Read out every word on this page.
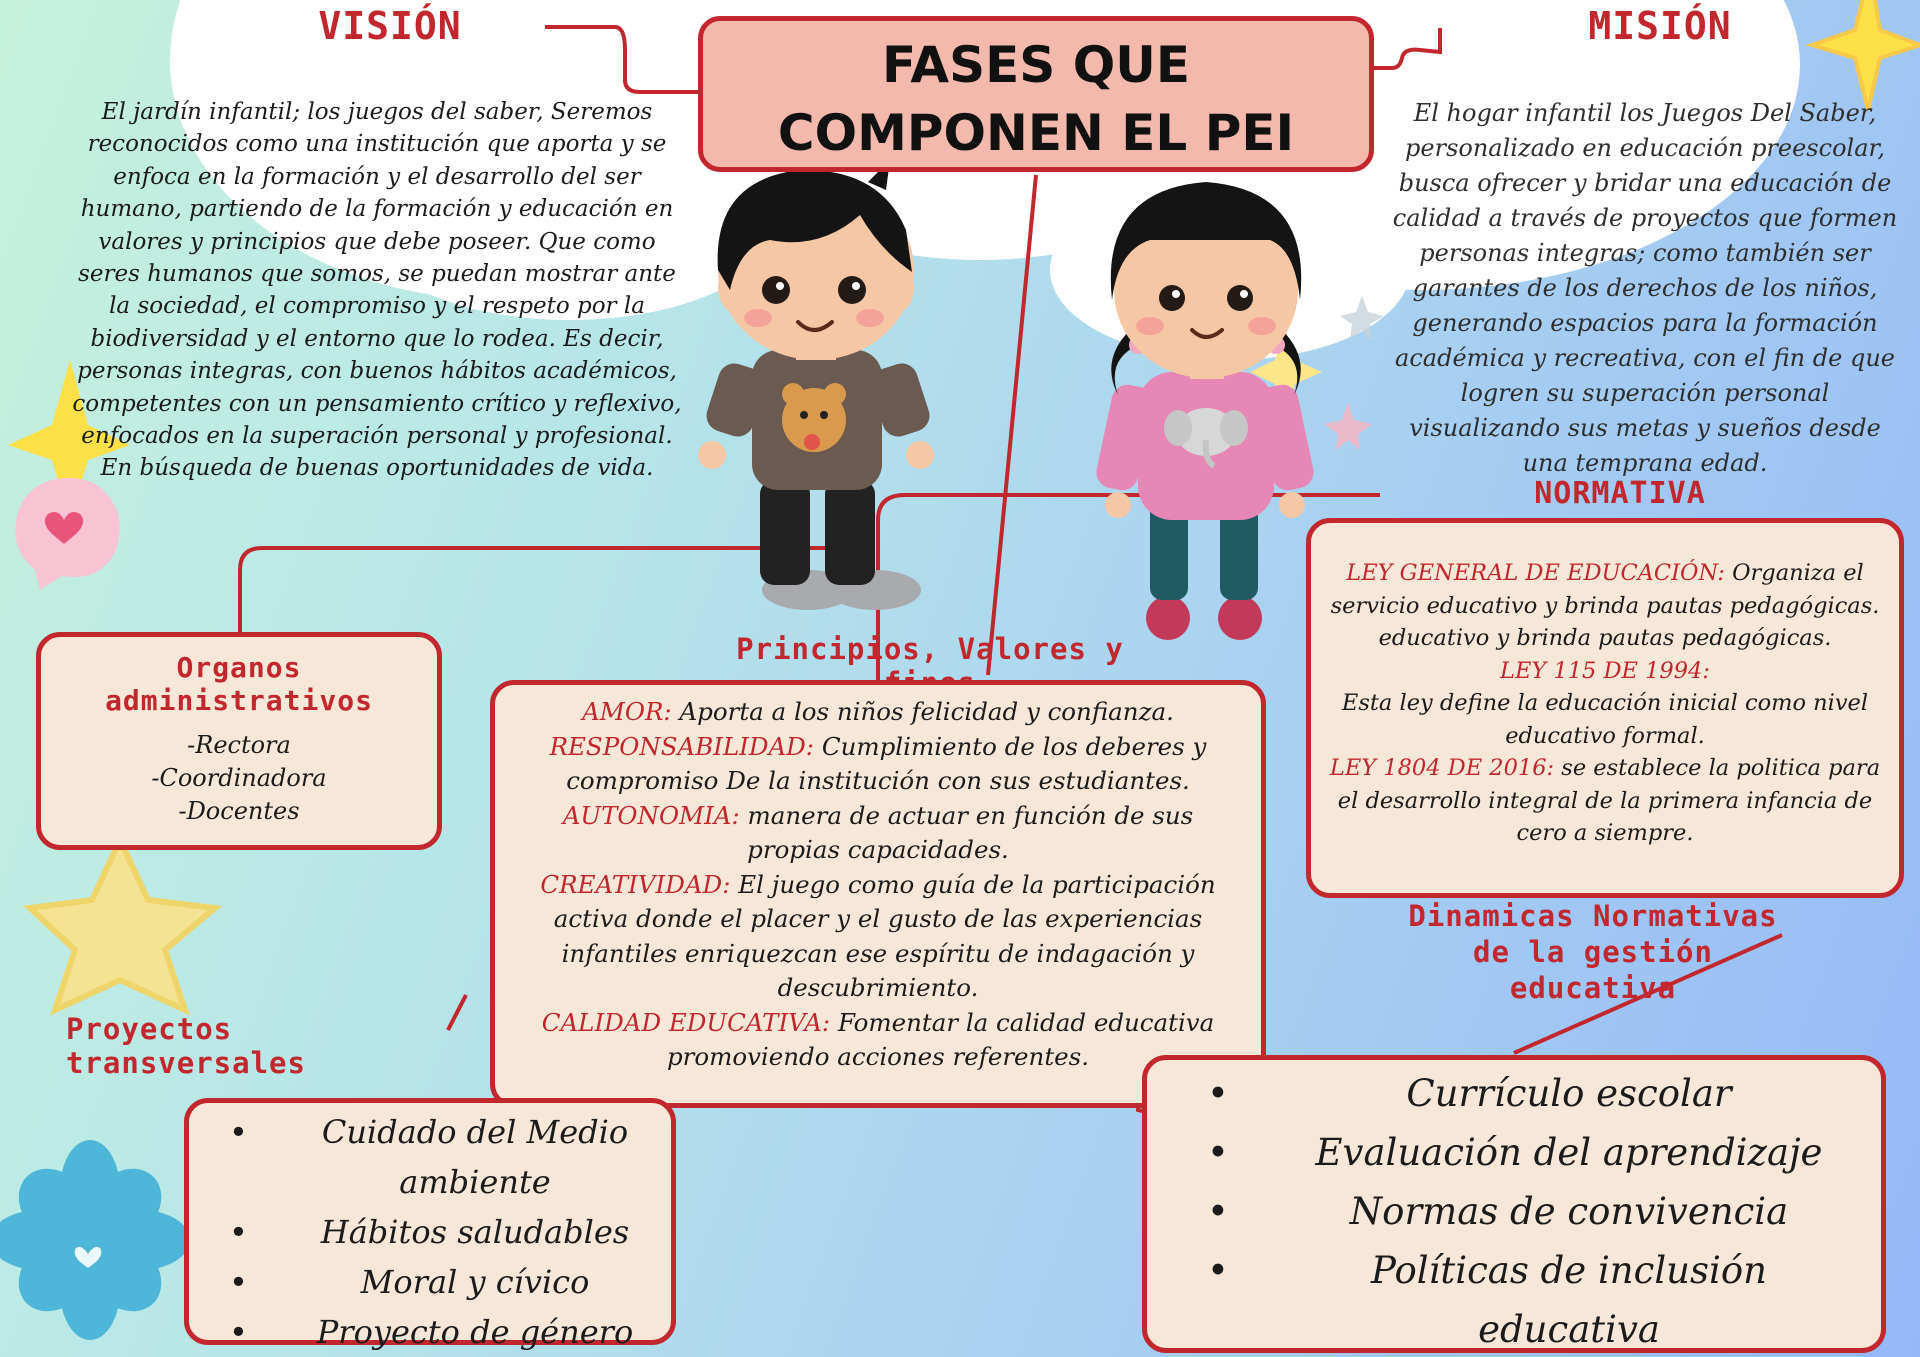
FASES QUE COMPONEN EL PEI
VISIÓN
El jardín infantil; los juegos del saber, Seremos reconocidos como una institución que aporta y se enfoca en la formación y el desarrollo del ser humano, partiendo de la formación y educación en valores y principios que debe poseer. Que como seres humanos que somos, se puedan mostrar ante la sociedad, el compromiso y el respeto por la biodiversidad y el entorno que lo rodea. Es decir, personas integras, con buenos hábitos académicos, competentes con un pensamiento crítico y reflexivo, enfocados en la superación personal y profesional. En búsqueda de buenas oportunidades de vida.
MISIÓN
El hogar infantil los Juegos Del Saber, personalizado en educación preescolar, busca ofrecer y bridar una educación de calidad a través de proyectos que formen personas integras; como también ser garantes de los derechos de los niños, generando espacios para la formación académica y recreativa, con el fin de que logren su superación personal visualizando sus metas y sueños desde una temprana edad.
NORMATIVA
LEY GENERAL DE EDUCACIÓN: Organiza el servicio educativo y brinda pautas pedagógicas. educativo y brinda pautas pedagógicas.
LEY 115 DE 1994:
Esta ley define la educación inicial como nivel educativo formal.
LEY 1804 DE 2016: se establece la politica para el desarrollo integral de la primera infancia de cero a siempre.
Organos administrativos
-Rectora
-Coordinadora
-Docentes
Principios, Valores y
AMOR: Aporta a los niños felicidad y confianza.
RESPONSABILIDAD: Cumplimiento de los deberes y compromiso De la institución con sus estudiantes.
AUTONOMIA: manera de actuar en función de sus propias capacidades.
CREATIVIDAD: El juego como guía de la participación activa donde el placer y el gusto de las experiencias infantiles enriquezcan ese espíritu de indagación y descubrimiento.
CALIDAD EDUCATIVA: Fomentar la calidad educativa promoviendo acciones referentes.
Proyectos transversales
• Cuidado del Medio ambiente
• Hábitos saludables
•	Moral y cívico
• Proyecto de género
Dinamicas Normativas de la gestión educativa
•	Currículo escolar
• Evaluación del aprendizaje
•	Normas de convivencia
•	Políticas de inclusión educativa
